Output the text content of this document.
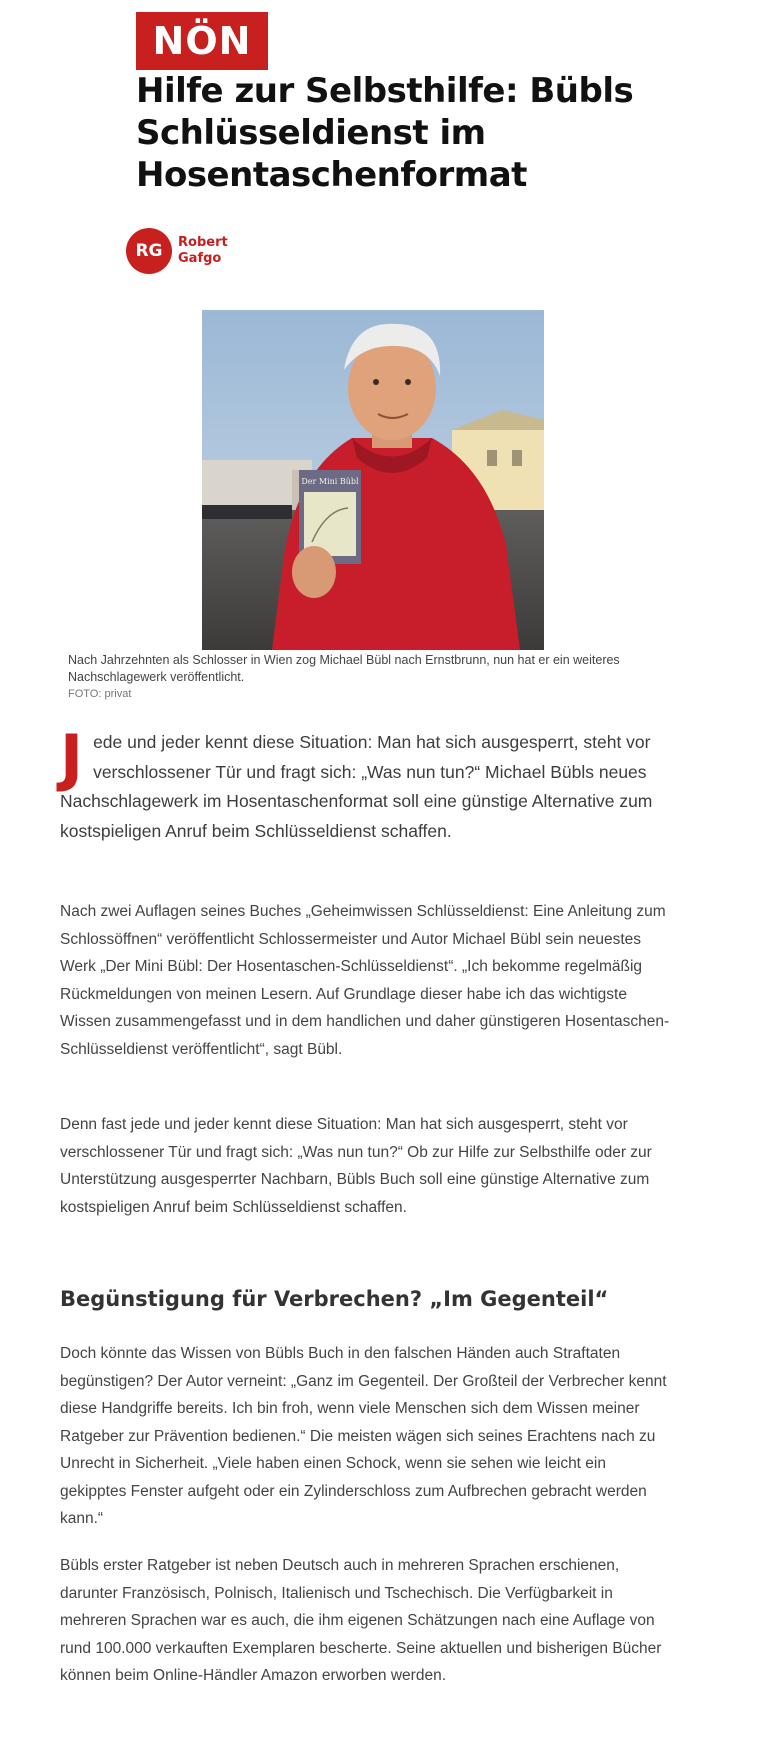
NÖN
Hilfe zur Selbsthilfe: Bübls Schlüsseldienst im Hosentaschenformat
RG	Robert Gafgo
Der Mini Bübl
Nach Jahrzehnten als Schlosser in Wien zog Michael Bübl nach Ernstbrunn, nun hat er ein weiteres Nachschlagewerk veröffentlicht.
FOTO: privat

Jede und jeder kennt diese Situation: Man hat sich ausgesperrt, steht vor verschlossener Tür und fragt sich: „Was nun tun?“ Michael Bübls neues Nachschlagewerk im Hosentaschenformat soll eine günstige Alternative zum kostspieligen Anruf beim Schlüsseldienst schaffen.

Nach zwei Auflagen seines Buches „Geheimwissen Schlüsseldienst: Eine Anleitung zum Schlossöffnen“ veröffentlicht Schlossermeister und Autor Michael Bübl sein neuestes Werk „Der Mini Bübl: Der Hosentaschen-Schlüsseldienst“. „Ich bekomme regelmäßig Rückmeldungen von meinen Lesern. Auf Grundlage dieser habe ich das wichtigste Wissen zusammengefasst und in dem handlichen und daher günstigeren Hosentaschen-Schlüsseldienst veröffentlicht“, sagt Bübl.

Denn fast jede und jeder kennt diese Situation: Man hat sich ausgesperrt, steht vor verschlossener Tür und fragt sich: „Was nun tun?“ Ob zur Hilfe zur Selbsthilfe oder zur Unterstützung ausgesperrter Nachbarn, Bübls Buch soll eine günstige Alternative zum kostspieligen Anruf beim Schlüsseldienst schaffen.

Begünstigung für Verbrechen? „Im Gegenteil“

Doch könnte das Wissen von Bübls Buch in den falschen Händen auch Straftaten begünstigen? Der Autor verneint: „Ganz im Gegenteil. Der Großteil der Verbrecher kennt diese Handgriffe bereits. Ich bin froh, wenn viele Menschen sich dem Wissen meiner Ratgeber zur Prävention bedienen.“ Die meisten wägen sich seines Erachtens nach zu Unrecht in Sicherheit. „Viele haben einen Schock, wenn sie sehen wie leicht ein gekipptes Fenster aufgeht oder ein Zylinderschloss zum Aufbrechen gebracht werden kann.“

Bübls erster Ratgeber ist neben Deutsch auch in mehreren Sprachen erschienen, darunter Französisch, Polnisch, Italienisch und Tschechisch. Die Verfügbarkeit in mehreren Sprachen war es auch, die ihm eigenen Schätzungen nach eine Auflage von rund 100.000 verkauften Exemplaren bescherte. Seine aktuellen und bisherigen Bücher können beim Online-Händler Amazon erworben werden.
